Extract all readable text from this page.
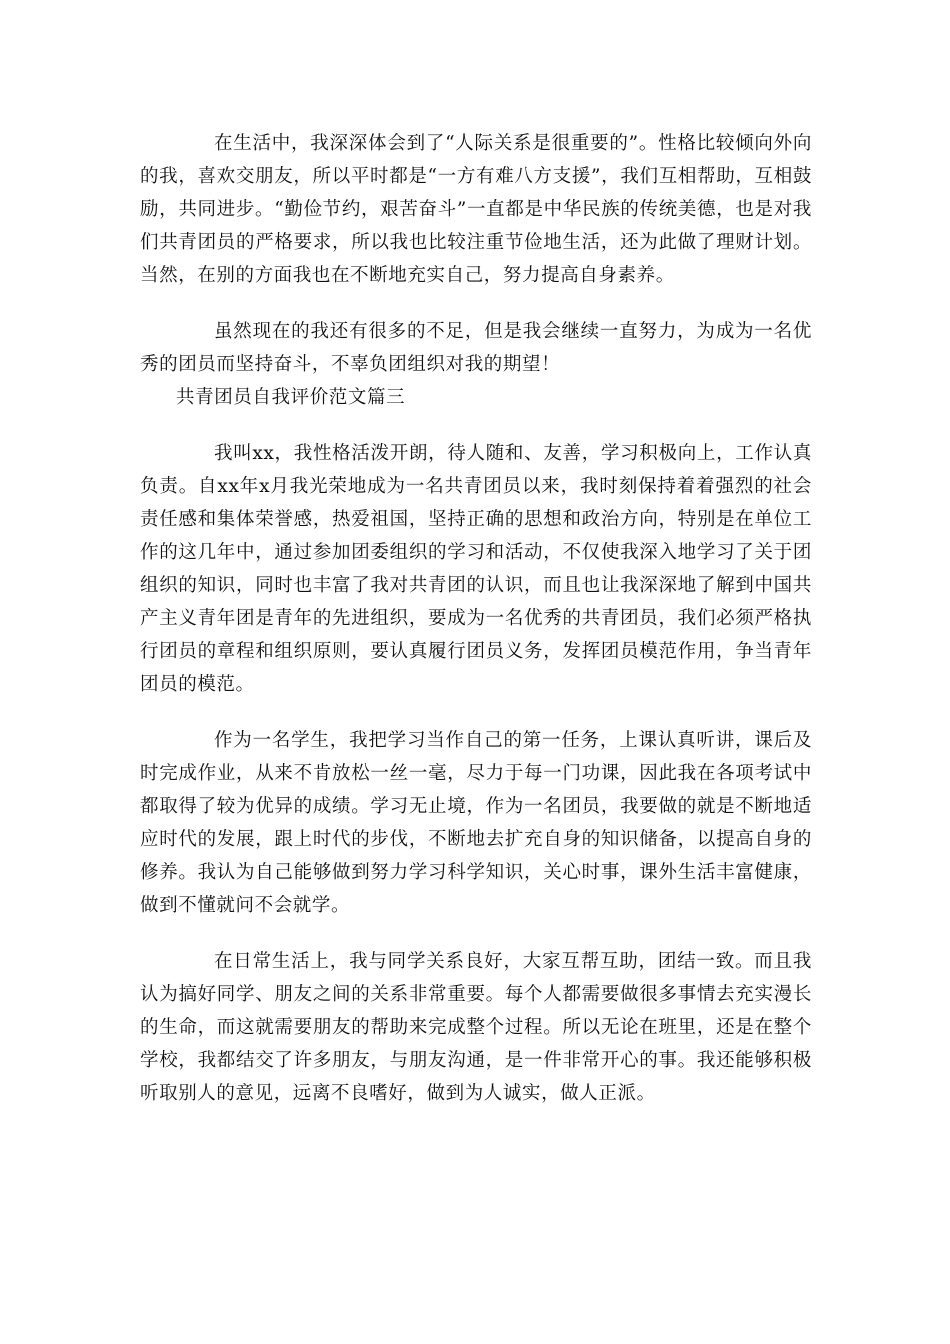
在生活中，我深深体会到了“人际关系是很重要的”。性格比较倾向外向的我，喜欢交朋友，所以平时都是“一方有难八方支援”，我们互相帮助，互相鼓励，共同进步。“勤俭节约，艰苦奋斗”一直都是中华民族的传统美德，也是对我们共青团员的严格要求，所以我也比较注重节俭地生活，还为此做了理财计划。当然，在别的方面我也在不断地充实自己，努力提高自身素养。

虽然现在的我还有很多的不足，但是我会继续一直努力，为成为一名优秀的团员而坚持奋斗，不辜负团组织对我的期望！

共青团员自我评价范文篇三

我叫xx，我性格活泼开朗，待人随和、友善，学习积极向上，工作认真负责。自xx年x月我光荣地成为一名共青团员以来，我时刻保持着着强烈的社会责任感和集体荣誉感，热爱祖国，坚持正确的思想和政治方向，特别是在单位工作的这几年中，通过参加团委组织的学习和活动，不仅使我深入地学习了关于团组织的知识，同时也丰富了我对共青团的认识，而且也让我深深地了解到中国共产主义青年团是青年的先进组织，要成为一名优秀的共青团员，我们必须严格执行团员的章程和组织原则，要认真履行团员义务，发挥团员模范作用，争当青年团员的模范。

作为一名学生，我把学习当作自己的第一任务，上课认真听讲，课后及时完成作业，从来不肯放松一丝一毫，尽力于每一门功课，因此我在各项考试中都取得了较为优异的成绩。学习无止境，作为一名团员，我要做的就是不断地适应时代的发展，跟上时代的步伐，不断地去扩充自身的知识储备，以提高自身的修养。我认为自己能够做到努力学习科学知识，关心时事，课外生活丰富健康，做到不懂就问不会就学。

在日常生活上，我与同学关系良好，大家互帮互助，团结一致。而且我认为搞好同学、朋友之间的关系非常重要。每个人都需要做很多事情去充实漫长的生命，而这就需要朋友的帮助来完成整个过程。所以无论在班里，还是在整个学校，我都结交了许多朋友，与朋友沟通，是一件非常开心的事。我还能够积极听取别人的意见，远离不良嗜好，做到为人诚实，做人正派。
